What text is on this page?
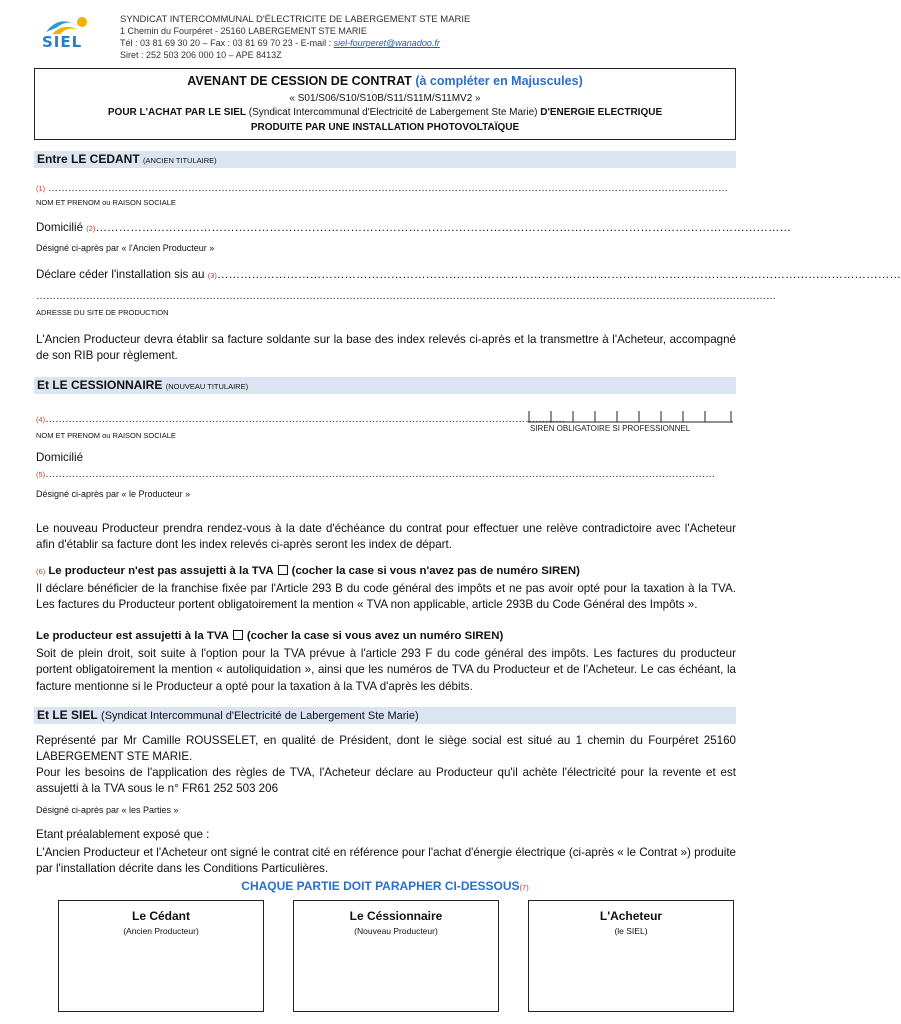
SIEL
SYNDICAT INTERCOMMUNAL D'ÉLECTRICITE DE LABERGEMENT STE MARIE
1 Chemin du Fourpéret - 25160 LABERGEMENT STE MARIE
Tél : 03 81 69 30 20 – Fax : 03 81 69 70 23 - E-mail : siel-fourperet@wanadoo.fr
Siret : 252 503 206 000 10 – APE 8413Z
AVENANT DE CESSION DE CONTRAT (à compléter en Majuscules)
« S01/S06/S10/S10B/S11/S11M/S11MV2 »
POUR L'ACHAT PAR LE SIEL (Syndicat Intercommunal d'Electricité de Labergement Ste Marie) D'ENERGIE ELECTRIQUE
PRODUITE PAR UNE INSTALLATION PHOTOVOLTAÏQUE
Entre LE CEDANT (ANCIEN TITULAIRE)
(1) ……………………………………………………………………………………………………………………………………………………………………………………
NOM ET PRENOM ou RAISON SOCIALE
Domicilié (2)………………………………………………………………………………………………………………………………………………………………
Désigné ci-après par « l'Ancien Producteur »
Déclare céder l'installation sis au (3)……………………………………………………………………………………………………………………………………………………………
……………………………………………………………………………………………………………………………………………………………………………………………………
ADRESSE DU SITE DE PRODUCTION
L'Ancien Producteur devra établir sa facture soldante sur la base des index relevés ci-après et la transmettre à l'Acheteur, accompagné de son RIB pour règlement.
Et LE CESSIONNAIRE (NOUVEAU TITULAIRE)
(4)…………………………………………………………………………………………………………………………………………
SIREN OBLIGATOIRE SI PROFESSIONNEL
NOM ET PRENOM ou RAISON SOCIALE
Domicilié
(5)…………………………………………………………………………………………………………………………………………………………………………………
Désigné ci-après par « le Producteur »
Le nouveau Producteur prendra rendez-vous à la date d'échéance du contrat pour effectuer une relève contradictoire avec l'Acheteur afin d'établir sa facture dont les index relevés ci-après seront les index de départ.
(6) Le producteur n'est pas assujetti à la TVA (cocher la case si vous n'avez pas de numéro SIREN)
Il déclare bénéficier de la franchise fixée par l'Article 293 B du code général des impôts et ne pas avoir opté pour la taxation à la TVA. Les factures du Producteur portent obligatoirement la mention « TVA non applicable, article 293B du Code Général des Impôts ».
Le producteur est assujetti à la TVA (cocher la case si vous avez un numéro SIREN)
Soit de plein droit, soit suite à l'option pour la TVA prévue à l'article 293 F du code général des impôts. Les factures du producteur portent obligatoirement la mention « autoliquidation », ainsi que les numéros de TVA du Producteur et de l'Acheteur. Le cas échéant, la facture mentionne si le Producteur a opté pour la taxation à la TVA d'après les débits.
Et LE SIEL (Syndicat Intercommunal d'Electricité de Labergement Ste Marie)
Représenté par Mr Camille ROUSSELET, en qualité de Président, dont le siège social est situé au 1 chemin du Fourpéret 25160 LABERGEMENT STE MARIE.
Pour les besoins de l'application des règles de TVA, l'Acheteur déclare au Producteur qu'il achète l'électricité pour la revente et est assujetti à la TVA sous le n° FR61 252 503 206
Désigné ci-après par « les Parties »
Etant préalablement exposé que :
L'Ancien Producteur et l'Acheteur ont signé le contrat cité en référence pour l'achat d'énergie électrique (ci-après « le Contrat ») produite par l'installation décrite dans les Conditions Particulières.
CHAQUE PARTIE DOIT PARAPHER CI-DESSOUS(7)
Le Cédant
(Ancien Producteur)
Le Céssionnaire
(Nouveau Producteur)
L'Acheteur
(le SIEL)
